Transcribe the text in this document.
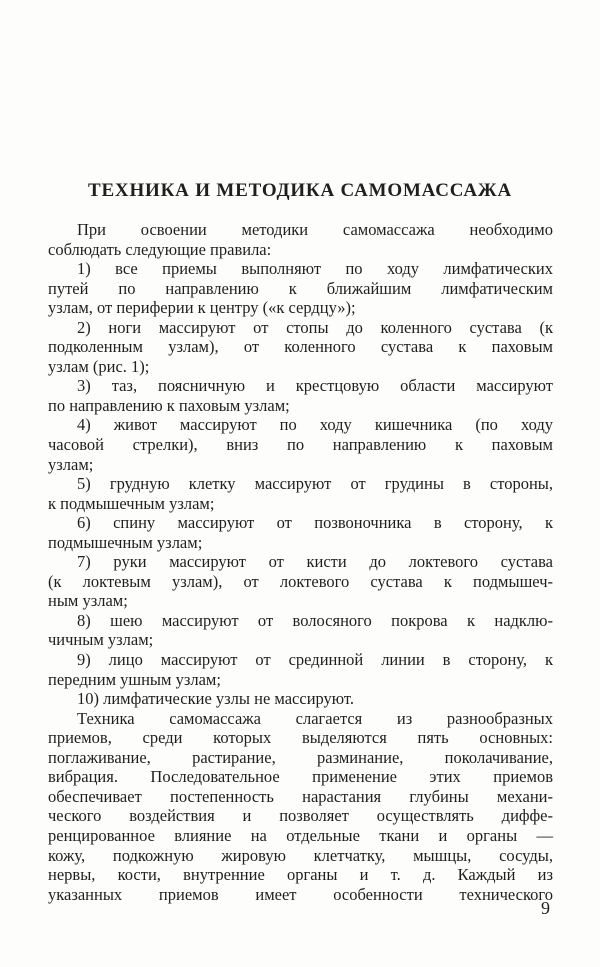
ТЕХНИКА И МЕТОДИКА САМОМАССАЖА
При освоении методики самомассажа необходимо
соблюдать следующие правила:
1) все приемы выполняют по ходу лимфатических
путей по направлению к ближайшим лимфатическим
узлам, от периферии к центру («к сердцу»);
2) ноги массируют от стопы до коленного сустава (к
подколенным узлам), от коленного сустава к паховым
узлам (рис. 1);
3) таз, поясничную и крестцовую области массируют
по направлению к паховым узлам;
4) живот массируют по ходу кишечника (по ходу
часовой стрелки), вниз по направлению к паховым
узлам;
5) грудную клетку массируют от грудины в стороны,
к подмышечным узлам;
6) спину массируют от позвоночника в сторону, к
подмышечным узлам;
7) руки массируют от кисти до локтевого сустава
(к локтевым узлам), от локтевого сустава к подмышеч-
ным узлам;
8) шею массируют от волосяного покрова к надклю-
чичным узлам;
9) лицо массируют от срединной линии в сторону, к
передним ушным узлам;
10) лимфатические узлы не массируют.
Техника самомассажа слагается из разнообразных
приемов, среди которых выделяются пять основных:
поглаживание, растирание, разминание, поколачивание,
вибрация. Последовательное применение этих приемов
обеспечивает постепенность нарастания глубины механи-
ческого воздействия и позволяет осуществлять диффе-
ренцированное влияние на отдельные ткани и органы —
кожу, подкожную жировую клетчатку, мышцы, сосуды,
нервы, кости, внутренние органы и т. д. Каждый из
указанных приемов имеет особенности технического
9
